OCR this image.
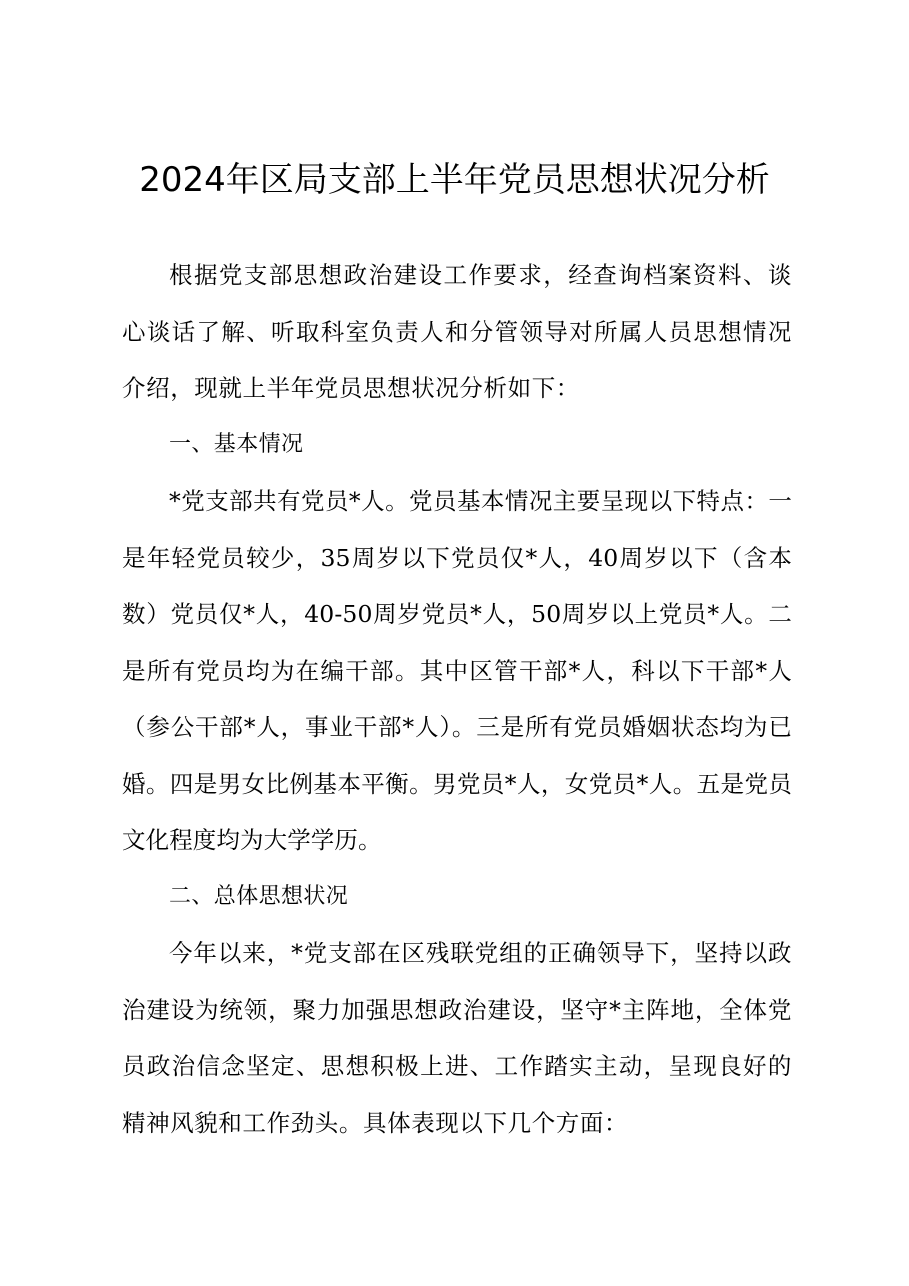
2024年区局支部上半年党员思想状况分析

根据党支部思想政治建设工作要求，经查询档案资料、谈心谈话了解、听取科室负责人和分管领导对所属人员思想情况介绍，现就上半年党员思想状况分析如下：

一、基本情况

*党支部共有党员*人。党员基本情况主要呈现以下特点：一是年轻党员较少，35周岁以下党员仅*人，40周岁以下（含本数）党员仅*人，40-50周岁党员*人，50周岁以上党员*人。二是所有党员均为在编干部。其中区管干部*人，科以下干部*人（参公干部*人，事业干部*人）。三是所有党员婚姻状态均为已婚。四是男女比例基本平衡。男党员*人，女党员*人。五是党员文化程度均为大学学历。

二、总体思想状况

今年以来，*党支部在区残联党组的正确领导下，坚持以政治建设为统领，聚力加强思想政治建设，坚守*主阵地，全体党员政治信念坚定、思想积极上进、工作踏实主动，呈现良好的精神风貌和工作劲头。具体表现以下几个方面：
